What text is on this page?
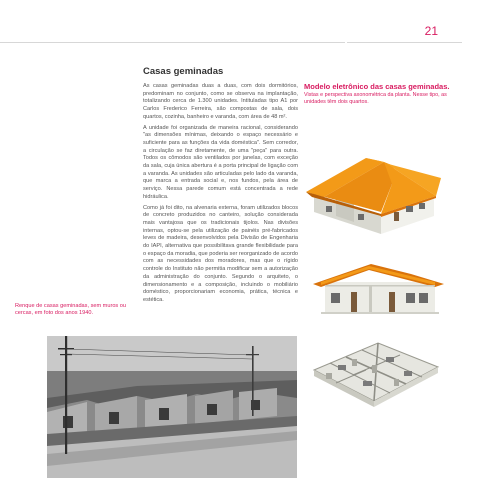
21
Casas geminadas

As casas geminadas duas a duas, com dois dormitórios, predominam no conjunto, como se observa na implantação, totalizando cerca de 1.300 unidades. Intituladas tipo A1 por Carlos Frederico Ferreira, são compostas de sala, dois quartos, cozinha, banheiro e varanda, com área de 48 m².

A unidade foi organizada de maneira racional, considerando "as dimensões mínimas, deixando o espaço necessário e suficiente para as funções da vida doméstica". Sem corredor, a circulação se faz diretamente, de uma "peça" para outra. Todos os cômodos são ventilados por janelas, com exceção da sala, cuja única abertura é a porta principal de ligação com a varanda. As unidades são articuladas pelo lado da varanda, que marca a entrada social e, nos fundos, pela área de serviço. Nessa parede comum está concentrada a rede hidráulica.

Como já foi dito, na alvenaria externa, foram utilizados blocos de concreto produzidos no canteiro, solução considerada mais vantajosa que os tradicionais tijolos. Nas divisões internas, optou-se pela utilização de painéis pré-fabricados leves de madeira, desenvolvidos pela Divisão de Engenharia do IAPI, alternativa que possibilitava grande flexibilidade para o espaço da moradia, que poderia ser reorganizado de acordo com as necessidades dos moradores, mas que o rígido controle do Instituto não permitia modificar sem a autorização da administração do conjunto. Segundo o arquiteto, o dimensionamento e a composição, incluindo o mobiliário doméstico, proporcionariam economia, prática, técnica e estética.

Renque de casas geminadas, sem muros ou cercas, em foto dos anos 1940.
Modelo eletrônico das casas geminadas.
Vistas e perspectiva axonométrica da planta. Nesse tipo, as unidades têm dois quartos.
